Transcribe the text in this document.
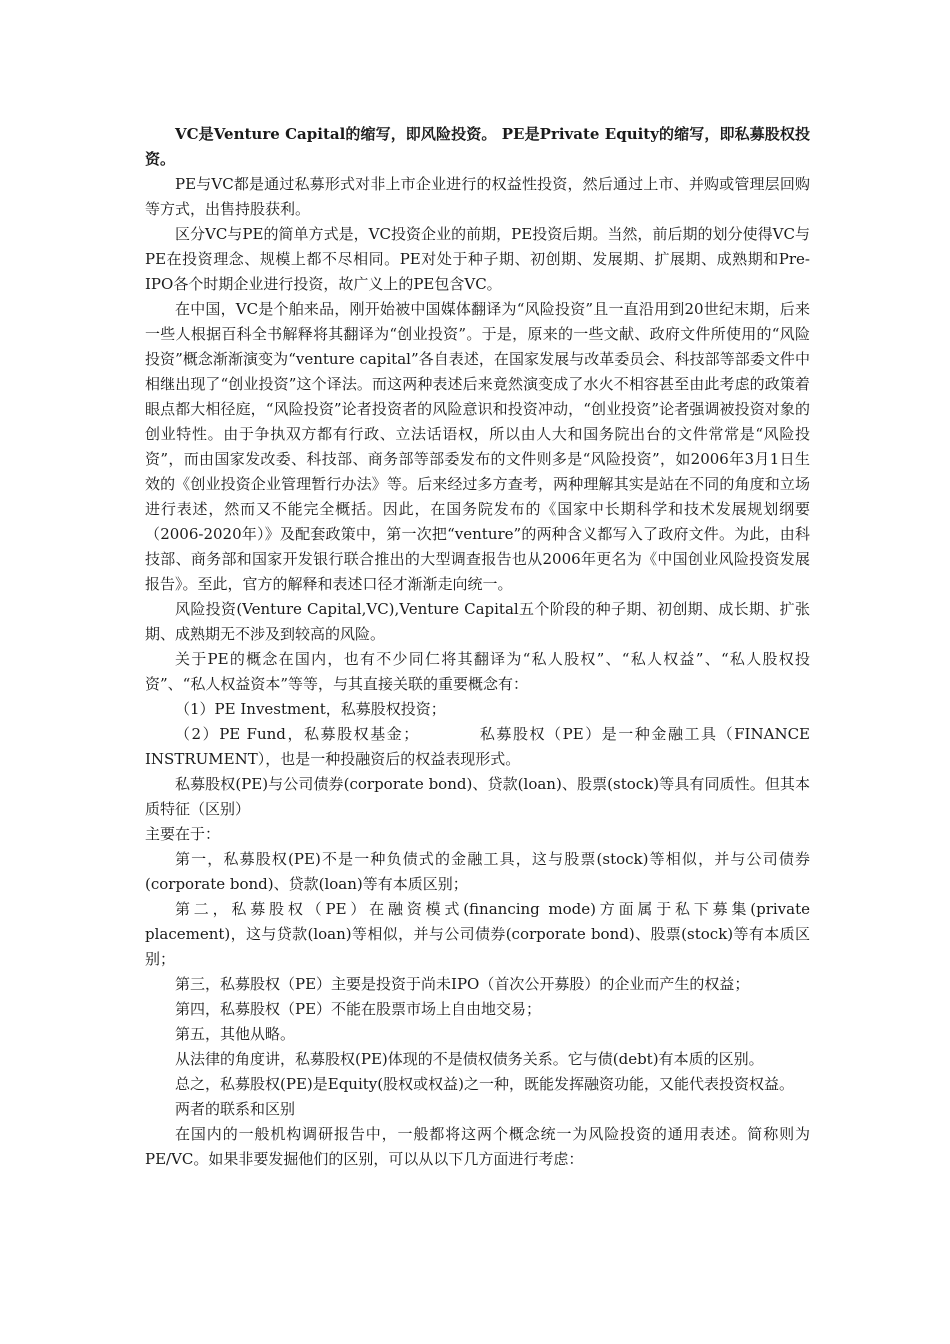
VC是Venture Capital的缩写，即风险投资。 PE是Private Equity的缩写，即私募股权投资。

PE与VC都是通过私募形式对非上市企业进行的权益性投资，然后通过上市、并购或管理层回购等方式，出售持股获利。

区分VC与PE的简单方式是，VC投资企业的前期，PE投资后期。当然，前后期的划分使得VC与PE在投资理念、规模上都不尽相同。PE对处于种子期、初创期、发展期、扩展期、成熟期和Pre-IPO各个时期企业进行投资，故广义上的PE包含VC。

在中国，VC是个舶来品，刚开始被中国媒体翻译为“风险投资”且一直沿用到20世纪末期，后来一些人根据百科全书解释将其翻译为“创业投资”。于是，原来的一些文献、政府文件所使用的“风险投资”概念渐渐演变为“venture capital”各自表述，在国家发展与改革委员会、科技部等部委文件中相继出现了“创业投资”这个译法。而这两种表述后来竟然演变成了水火不相容甚至由此考虑的政策着眼点都大相径庭，“风险投资”论者投资者的风险意识和投资冲动，“创业投资”论者强调被投资对象的创业特性。由于争执双方都有行政、立法话语权，所以由人大和国务院出台的文件常常是“风险投资”，而由国家发改委、科技部、商务部等部委发布的文件则多是“风险投资”，如2006年3月1日生效的《创业投资企业管理暂行办法》等。后来经过多方查考，两种理解其实是站在不同的角度和立场进行表述，然而又不能完全概括。因此，在国务院发布的《国家中长期科学和技术发展规划纲要（2006-2020年）》及配套政策中，第一次把“venture”的两种含义都写入了政府文件。为此，由科技部、商务部和国家开发银行联合推出的大型调查报告也从2006年更名为《中国创业风险投资发展报告》。至此，官方的解释和表述口径才渐渐走向统一。

风险投资(Venture Capital,VC),Venture Capital五个阶段的种子期、初创期、成长期、扩张期、成熟期无不涉及到较高的风险。

关于PE的概念在国内，也有不少同仁将其翻译为“私人股权”、“私人权益”、“私人股权投资”、“私人权益资本”等等，与其直接关联的重要概念有：

（1）PE Investment，私募股权投资；

（2）PE Fund，私募股权基金；	私募股权（PE）是一种金融工具（FINANCE INSTRUMENT），也是一种投融资后的权益表现形式。

私募股权(PE)与公司债券(corporate bond)、贷款(loan)、股票(stock)等具有同质性。但其本质特征（区别）

主要在于：

第一，私募股权(PE)不是一种负债式的金融工具，这与股票(stock)等相似，并与公司债券(corporate bond)、贷款(loan)等有本质区别；

第二，私募股权（PE）在融资模式(financing mode)方面属于私下募集(private placement)，这与贷款(loan)等相似，并与公司债券(corporate bond)、股票(stock)等有本质区别；

第三，私募股权（PE）主要是投资于尚未IPO（首次公开募股）的企业而产生的权益；

第四，私募股权（PE）不能在股票市场上自由地交易；

第五，其他从略。

从法律的角度讲，私募股权(PE)体现的不是债权债务关系。它与债(debt)有本质的区别。

总之，私募股权(PE)是Equity(股权或权益)之一种，既能发挥融资功能，又能代表投资权益。

两者的联系和区别

在国内的一般机构调研报告中，一般都将这两个概念统一为风险投资的通用表述。简称则为PE/VC。如果非要发掘他们的区别，可以从以下几方面进行考虑：
